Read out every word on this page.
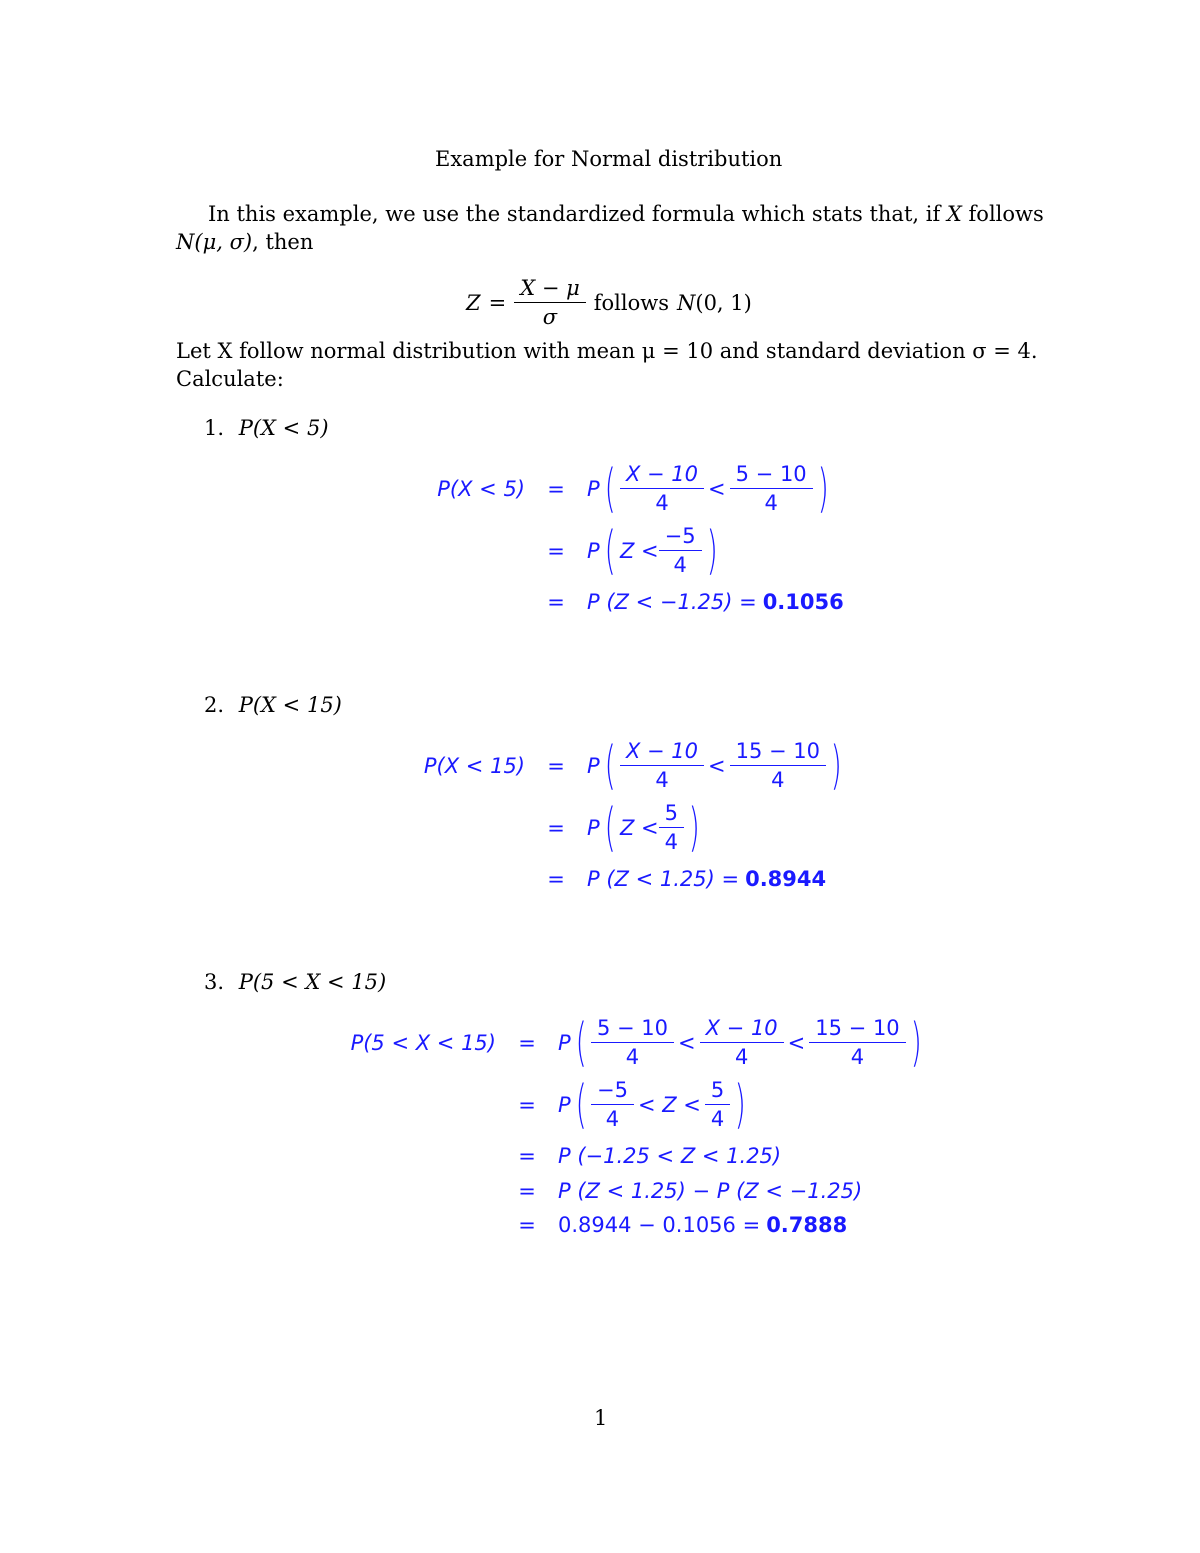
Example for Normal distribution
In this example, we use the standardized formula which stats that, if X follows
N(μ, σ), then
$Z = \frac{X - \mu}{\sigma}$ follows N (0, 1)
Let X follow normal distribution with mean μ = 10 and standard deviation σ = 4.
Calculate:
1. P(X < 5)
P(X < 5)	=	P ( $\frac{X - 10}{4} < \frac{5 - 10}{4}$ )
=	P ( $Z < \frac{-5}{4}$ )
=	P (Z < −1.25) = 0.1056
2. P(X < 15)
P(X < 15)	=	P ( $\frac{X - 10}{4} < \frac{15 - 10}{4}$ )
=	P ( $Z < \frac{5}{4}$ )
=	P (Z < 1.25) = 0.8944
3. P(5 < X < 15)
P(5 < X < 15)	=	P ( $\frac{5 - 10}{4} < \frac{X - 10}{4} < \frac{15 - 10}{4}$ )
=	P ( $\frac{-5}{4} < Z < \frac{5}{4}$ )
=	P (−1.25 < Z < 1.25)
=	P (Z < 1.25) − P (Z < −1.25)
=	0.8944 − 0.1056 = 0.7888
1
